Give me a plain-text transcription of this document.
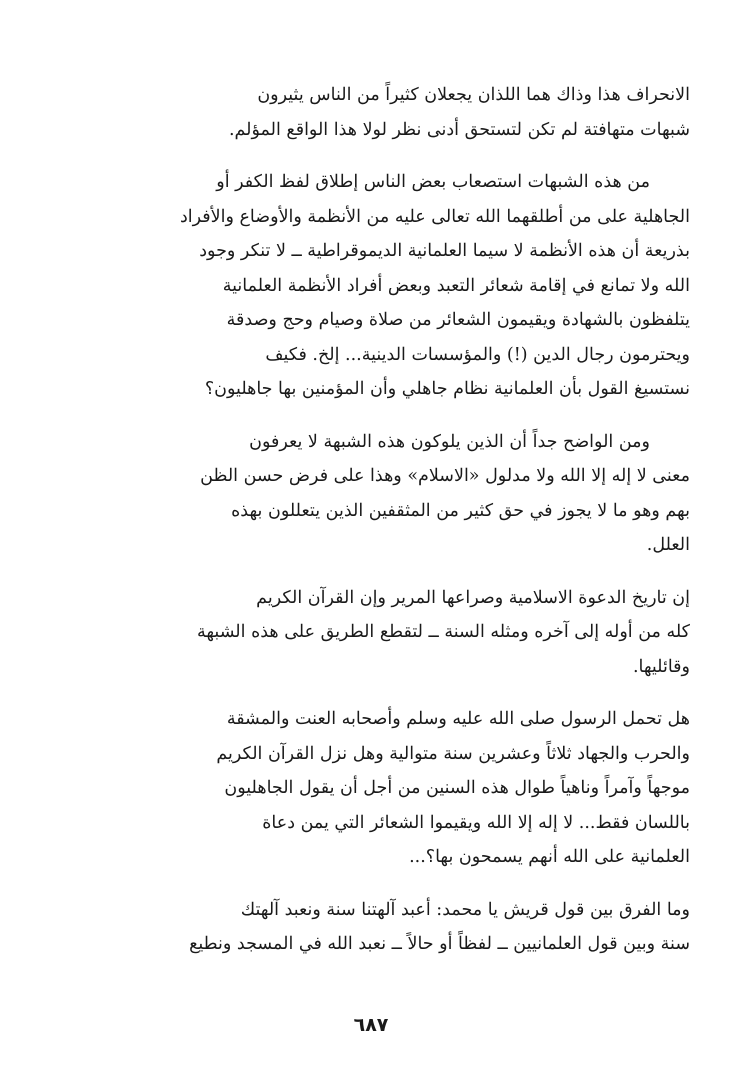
الانحراف هذا وذاك هما اللذان يجعلان كثيراً من الناس يثيرون
شبهات متهافتة لم تكن لتستحق أدنى نظر لولا هذا الواقع المؤلم.

من هذه الشبهات استصعاب بعض الناس إطلاق لفظ الكفر أو
الجاهلية على من أطلقهما الله تعالى عليه من الأنظمة والأوضاع والأفراد
بذريعة أن هذه الأنظمة لا سيما العلمانية الديموقراطية ــ لا تنكر وجود
الله ولا تمانع في إقامة شعائر التعبد وبعض أفراد الأنظمة العلمانية
يتلفظون بالشهادة ويقيمون الشعائر من صلاة وصيام وحج وصدقة
ويحترمون رجال الدين (!) والمؤسسات الدينية... إلخ. فكيف
نستسيغ القول بأن العلمانية نظام جاهلي وأن المؤمنين بها جاهليون؟

ومن الواضح جداً أن الذين يلوكون هذه الشبهة لا يعرفون
معنى لا إله إلا الله ولا مدلول «الاسلام» وهذا على فرض حسن الظن
بهم وهو ما لا يجوز في حق كثير من المثقفين الذين يتعللون بهذه
العلل.

إن تاريخ الدعوة الاسلامية وصراعها المرير وإن القرآن الكريم
كله من أوله إلى آخره ومثله السنة ــ لتقطع الطريق على هذه الشبهة
وقائليها.

هل تحمل الرسول صلى الله عليه وسلم وأصحابه العنت والمشقة
والحرب والجهاد ثلاثاً وعشرين سنة متوالية وهل نزل القرآن الكريم
موجهاً وآمراً وناهياً طوال هذه السنين من أجل أن يقول الجاهليون
باللسان فقط... لا إله إلا الله ويقيموا الشعائر التي يمن دعاة
العلمانية على الله أنهم يسمحون بها؟...

وما الفرق بين قول قريش يا محمد: أعبد آلهتنا سنة ونعبد آلهتك
سنة وبين قول العلمانيين ــ لفظاً أو حالاً ــ نعبد الله في المسجد ونطيع

٦٨٧
